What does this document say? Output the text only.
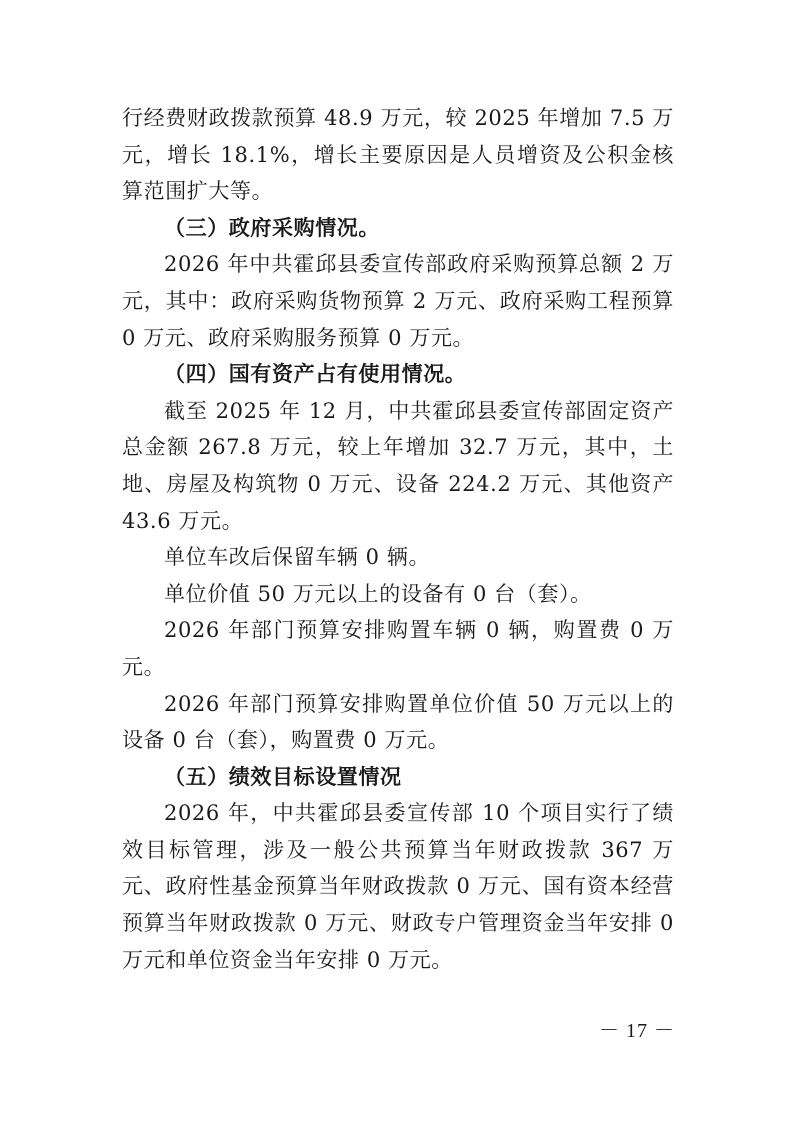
行经费财政拨款预算 48.9 万元，较 2025 年增加 7.5 万元，增长 18.1%，增长主要原因是人员增资及公积金核算范围扩大等。

（三）政府采购情况。

2026 年中共霍邱县委宣传部政府采购预算总额 2 万元，其中：政府采购货物预算 2 万元、政府采购工程预算 0 万元、政府采购服务预算 0 万元。

（四）国有资产占有使用情况。

截至 2025 年 12 月，中共霍邱县委宣传部固定资产总金额 267.8 万元，较上年增加 32.7 万元，其中，土地、房屋及构筑物 0 万元、设备 224.2 万元、其他资产 43.6 万元。

单位车改后保留车辆 0 辆。

单位价值 50 万元以上的设备有 0 台（套）。

2026 年部门预算安排购置车辆 0 辆，购置费 0 万元。

2026 年部门预算安排购置单位价值 50 万元以上的设备 0 台（套），购置费 0 万元。

（五）绩效目标设置情况

2026 年，中共霍邱县委宣传部 10 个项目实行了绩效目标管理，涉及一般公共预算当年财政拨款 367 万元、政府性基金预算当年财政拨款 0 万元、国有资本经营预算当年财政拨款 0 万元、财政专户管理资金当年安排 0 万元和单位资金当年安排 0 万元。

－ 17 －
